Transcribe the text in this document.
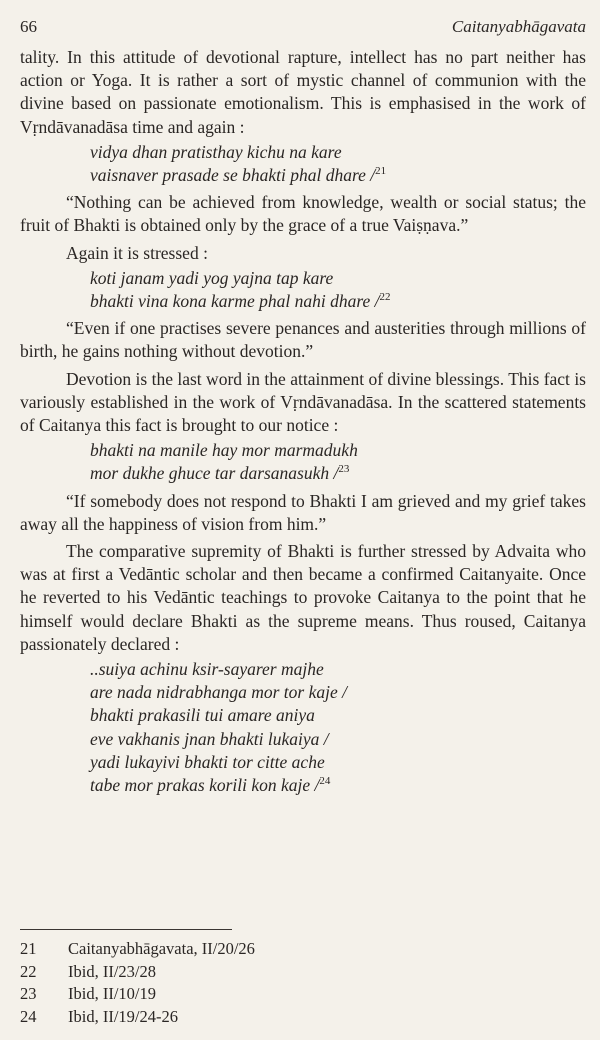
66	Caitanyabhāgavata

tality. In this attitude of devotional rapture, intellect has no part neither has action or Yoga. It is rather a sort of mystic channel of communion with the divine based on passionate emotionalism. This is emphasised in the work of Vṛndāvanadāsa time and again :

vidya dhan pratisthay kichu na kare
vaisnaver prasade se bhakti phal dhare /$^{21}$

“Nothing can be achieved from knowledge, wealth or social status; the fruit of Bhakti is obtained only by the grace of a true Vaiṣṇava.”

Again it is stressed :

koti janam yadi yog yajna tap kare
bhakti vina kona karme phal nahi dhare /$^{22}$

“Even if one practises severe penances and austerities through millions of birth, he gains nothing without devotion.”

Devotion is the last word in the attainment of divine blessings. This fact is variously established in the work of Vṛndāvanadāsa. In the scattered statements of Caitanya this fact is brought to our notice :

bhakti na manile hay mor marmadukh
mor dukhe ghuce tar darsanasukh /$^{23}$

“If somebody does not respond to Bhakti I am grieved and my grief takes away all the happiness of vision from him.”

The comparative supremity of Bhakti is further stressed by Advaita who was at first a Vedāntic scholar and then became a confirmed Caitanyaite. Once he reverted to his Vedāntic teachings to provoke Caitanya to the point that he himself would declare Bhakti as the supreme means. Thus roused, Caitanya passionately declared :

..suiya achinu ksir-sayarer majhe
are nada nidrabhanga mor tor kaje /
bhakti prakasili tui amare aniya
eve vakhanis jnan bhakti lukaiya /
yadi lukayivi bhakti tor citte ache
tabe mor prakas korili kon kaje /$^{24}$
21	Caitanyabhāgavata, II/20/26
22	Ibid, II/23/28
23	Ibid, II/10/19
24	Ibid, II/19/24-26
